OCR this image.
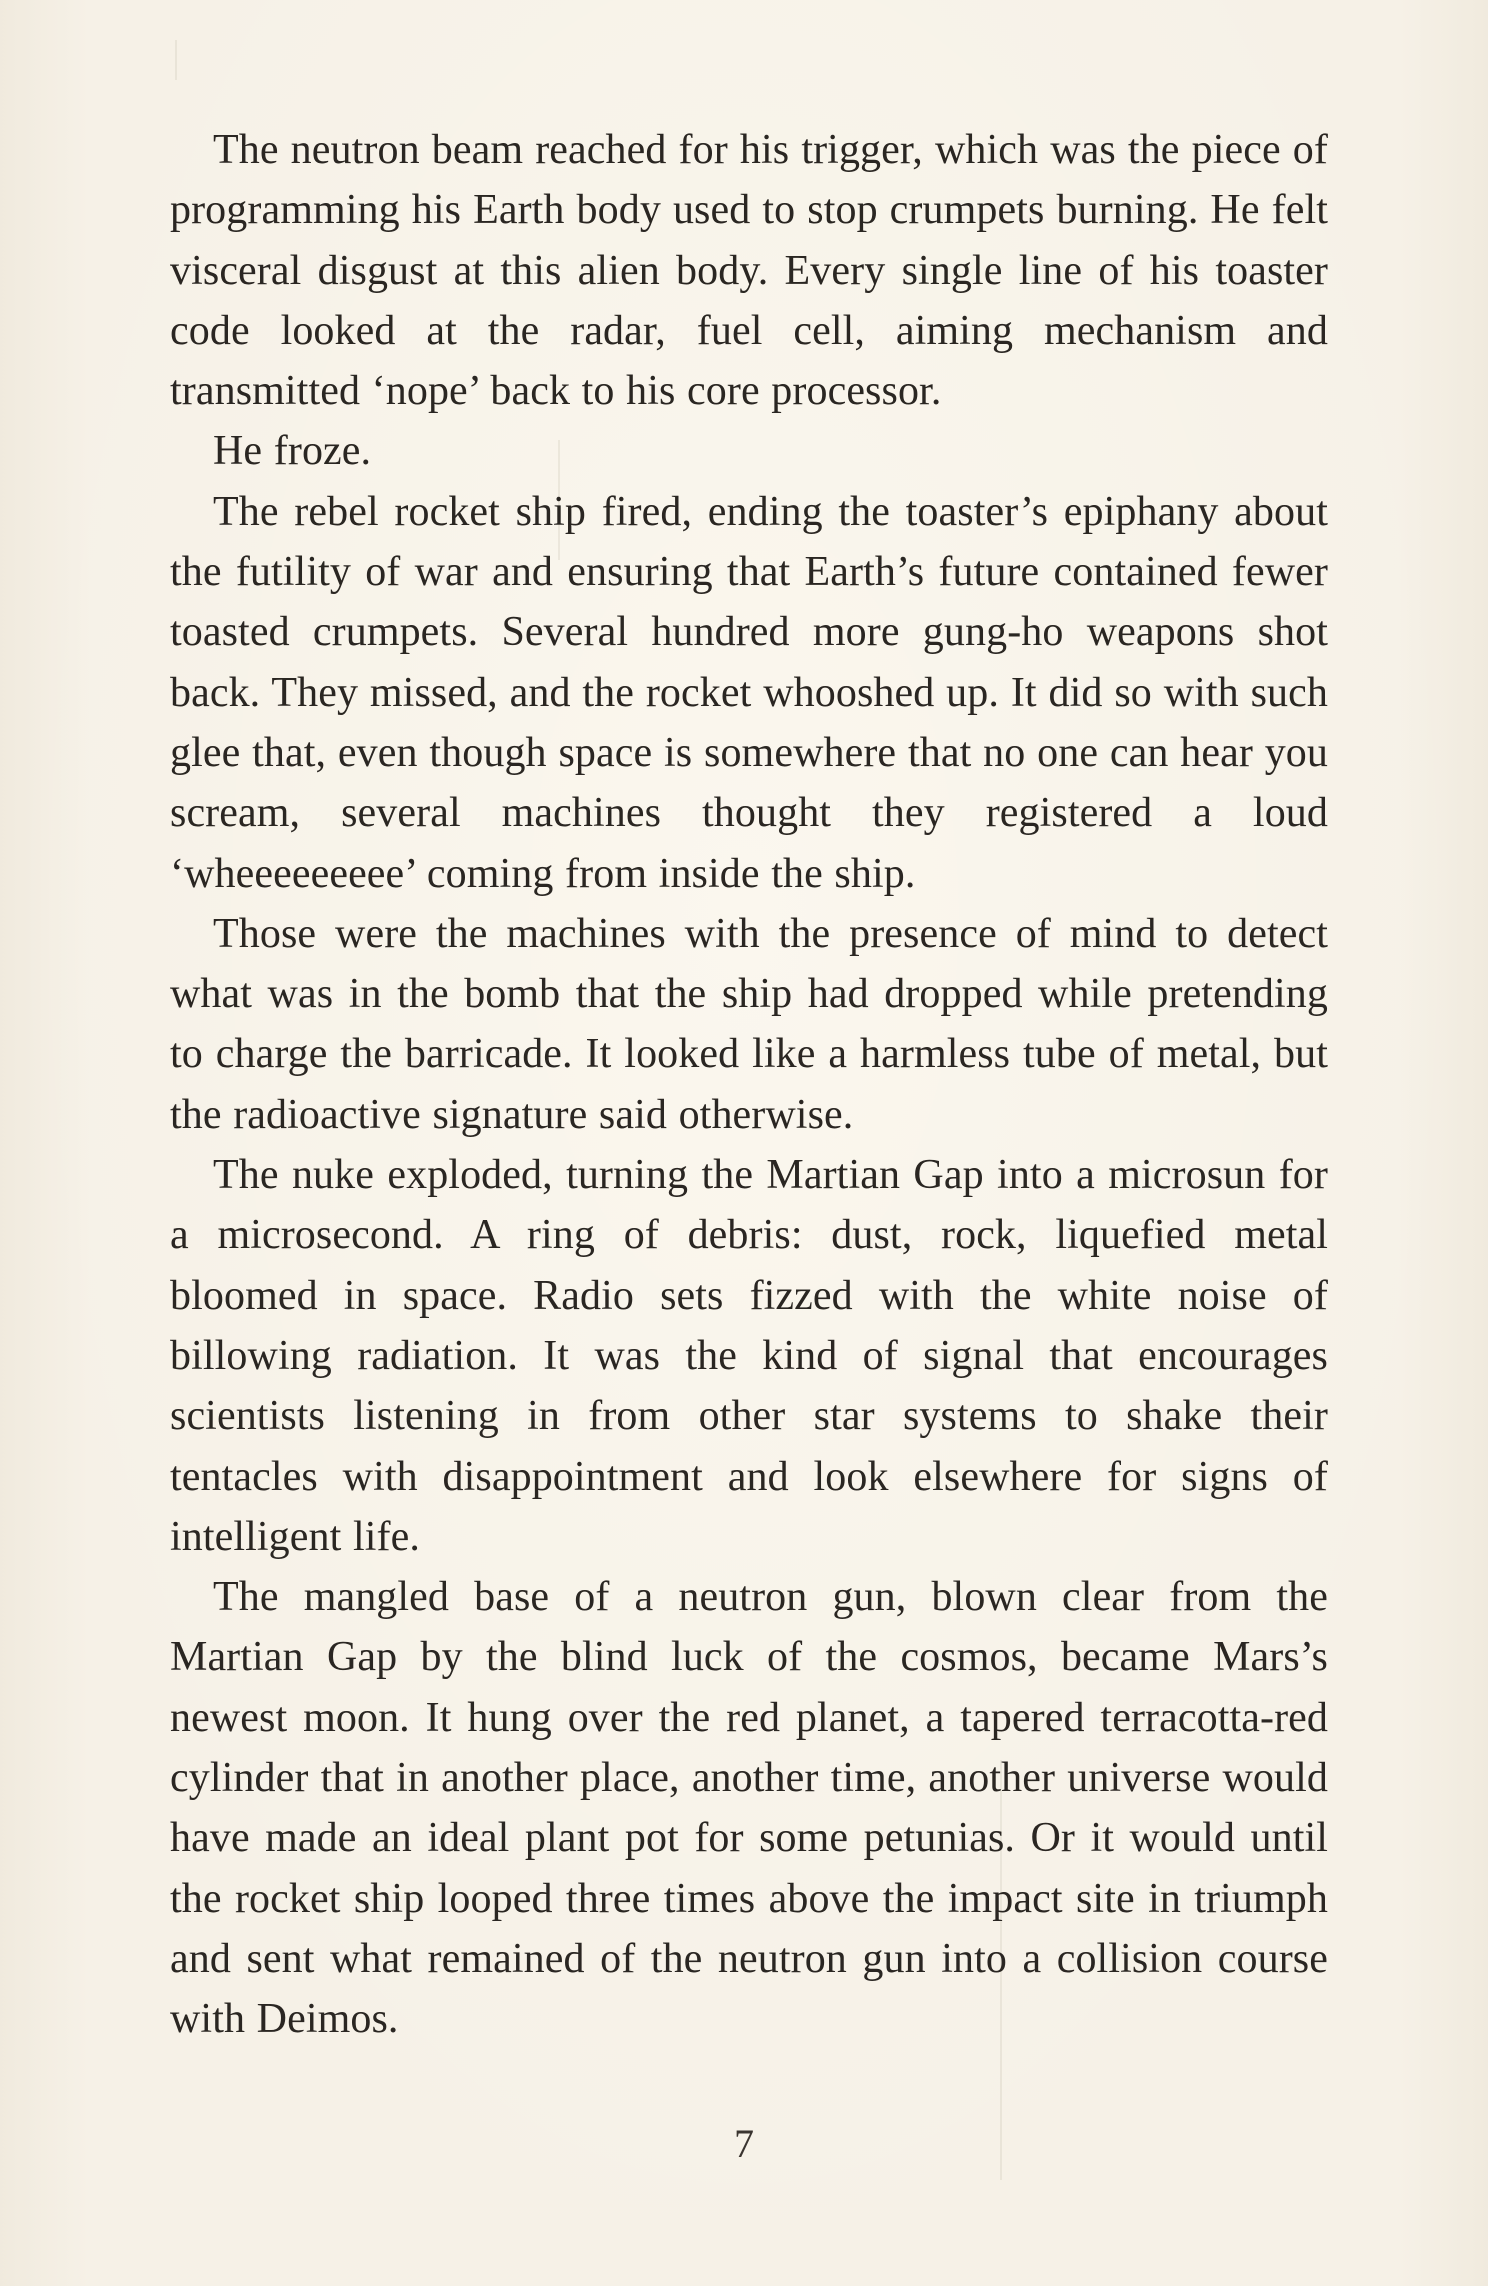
The neutron beam reached for his trigger, which was the piece of programming his Earth body used to stop crumpets burning. He felt visceral disgust at this alien body. Every single line of his toaster code looked at the radar, fuel cell, aiming mechanism and transmitted ‘nope’ back to his core processor.

He froze.

The rebel rocket ship fired, ending the toaster’s epiphany about the futility of war and ensuring that Earth’s future contained fewer toasted crumpets. Several hundred more gung-ho weapons shot back. They missed, and the rocket whooshed up. It did so with such glee that, even though space is somewhere that no one can hear you scream, several machines thought they registered a loud ‘wheeeeeeeee’ coming from inside the ship.

Those were the machines with the presence of mind to detect what was in the bomb that the ship had dropped while pretending to charge the barricade. It looked like a harmless tube of metal, but the radioactive signature said otherwise.

The nuke exploded, turning the Martian Gap into a microsun for a microsecond. A ring of debris: dust, rock, liquefied metal bloomed in space. Radio sets fizzed with the white noise of billowing radiation. It was the kind of signal that encourages scientists listening in from other star systems to shake their tentacles with disappointment and look elsewhere for signs of intelligent life.

The mangled base of a neutron gun, blown clear from the Martian Gap by the blind luck of the cosmos, became Mars’s newest moon. It hung over the red planet, a tapered terracotta-red cylinder that in another place, another time, another universe would have made an ideal plant pot for some petunias. Or it would until the rocket ship looped three times above the impact site in triumph and sent what remained of the neutron gun into a collision course with Deimos.

7
